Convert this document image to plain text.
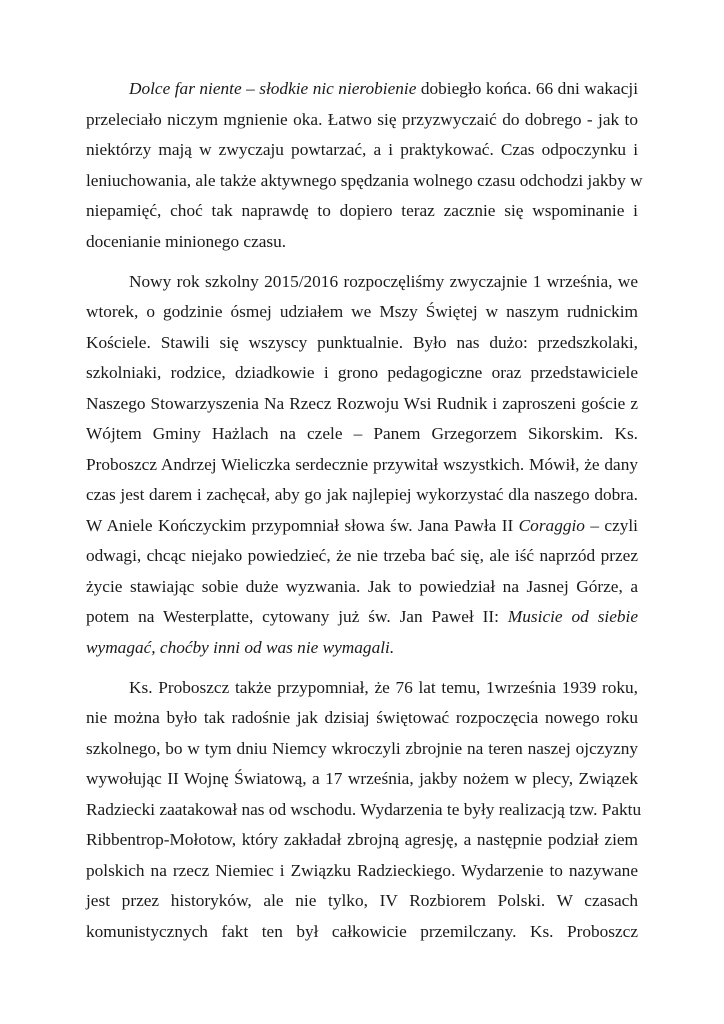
Dolce far niente – słodkie nic nierobienie dobiegło końca. 66 dni wakacji
przeleciało niczym mgnienie oka. Łatwo się przyzwyczaić do dobrego - jak to
niektórzy mają w zwyczaju powtarzać, a i praktykować. Czas odpoczynku i
leniuchowania, ale także aktywnego spędzania wolnego czasu odchodzi jakby w
niepamięć, choć tak naprawdę to dopiero teraz zacznie się wspominanie i
docenianie minionego czasu.
Nowy rok szkolny 2015/2016 rozpoczęliśmy zwyczajnie 1 września, we
wtorek, o godzinie ósmej udziałem we Mszy Świętej w naszym rudnickim
Kościele. Stawili się wszyscy punktualnie. Było nas dużo: przedszkolaki,
szkolniaki, rodzice, dziadkowie i grono pedagogiczne oraz przedstawiciele
Naszego Stowarzyszenia Na Rzecz Rozwoju Wsi Rudnik i zaproszeni goście z
Wójtem Gminy Hażlach na czele – Panem Grzegorzem Sikorskim. Ks.
Proboszcz Andrzej Wieliczka serdecznie przywitał wszystkich. Mówił, że dany
czas jest darem i zachęcał, aby go jak najlepiej wykorzystać dla naszego dobra.
W Aniele Kończyckim przypomniał słowa św. Jana Pawła II Coraggio – czyli
odwagi, chcąc niejako powiedzieć, że nie trzeba bać się, ale iść naprzód przez
życie stawiając sobie duże wyzwania. Jak to powiedział na Jasnej Górze, a
potem na Westerplatte, cytowany już św. Jan Paweł II: Musicie od siebie
wymagać, choćby inni od was nie wymagali.
Ks. Proboszcz także przypomniał, że 76 lat temu, 1września 1939 roku,
nie można było tak radośnie jak dzisiaj świętować rozpoczęcia nowego roku
szkolnego, bo w tym dniu Niemcy wkroczyli zbrojnie na teren naszej ojczyzny
wywołując II Wojnę Światową, a 17 września, jakby nożem w plecy, Związek
Radziecki zaatakował nas od wschodu. Wydarzenia te były realizacją tzw. Paktu
Ribbentrop-Mołotow, który zakładał zbrojną agresję, a następnie podział ziem
polskich na rzecz Niemiec i Związku Radzieckiego. Wydarzenie to nazywane
jest przez historyków, ale nie tylko, IV Rozbiorem Polski. W czasach
komunistycznych fakt ten był całkowicie przemilczany. Ks. Proboszcz
